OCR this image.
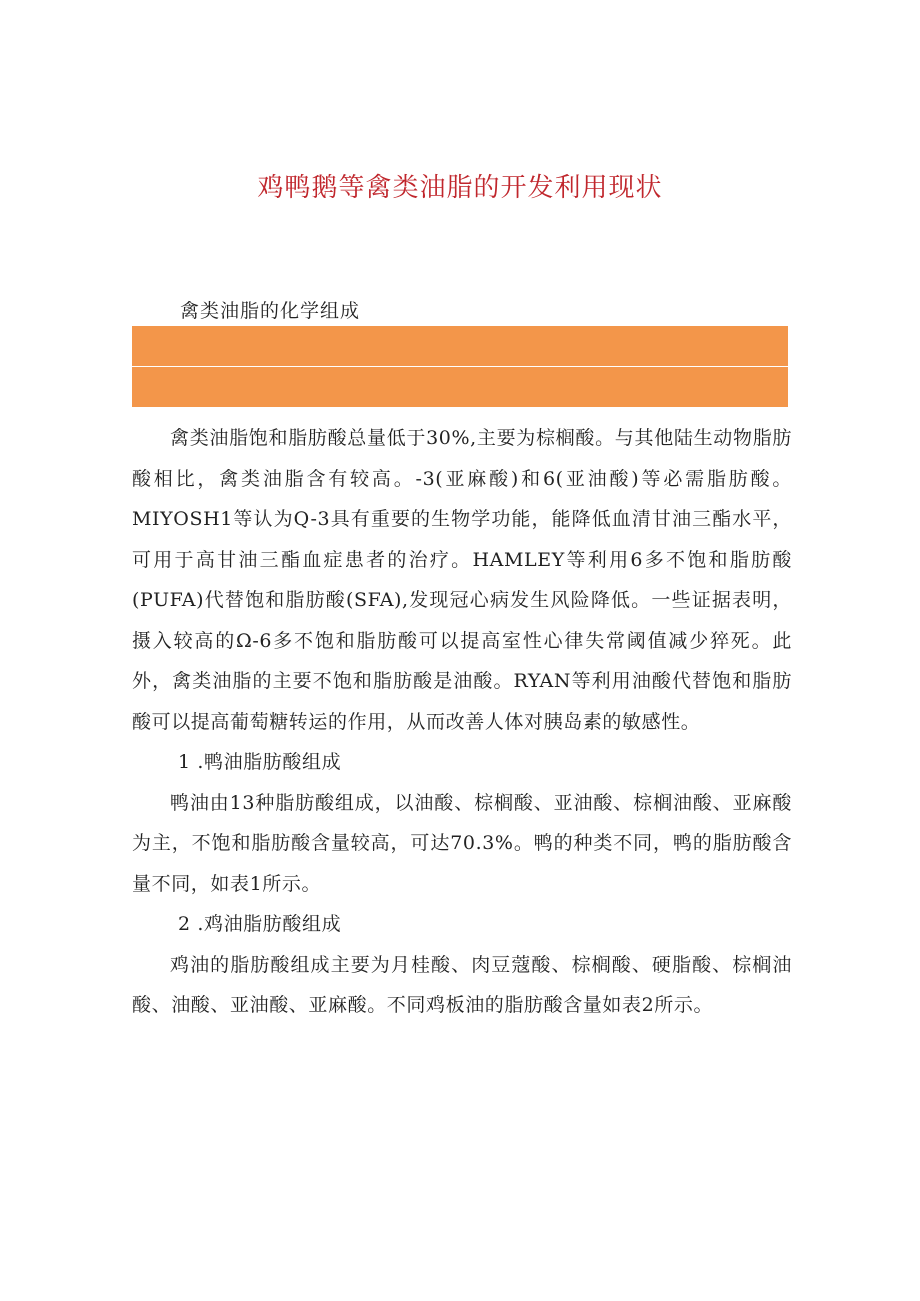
鸡鸭鹅等禽类油脂的开发利用现状
禽类油脂的化学组成

禽类油脂饱和脂肪酸总量低于30%,主要为棕榈酸。与其他陆生动物脂肪酸相比，禽类油脂含有较高。-3(亚麻酸)和6(亚油酸)等必需脂肪酸。MIYOSH1等认为Q-3具有重要的生物学功能，能降低血清甘油三酯水平，可用于高甘油三酯血症患者的治疗。HAMLEY等利用6多不饱和脂肪酸(PUFA)代替饱和脂肪酸(SFA),发现冠心病发生风险降低。一些证据表明，摄入较高的Ω-6多不饱和脂肪酸可以提高室性心律失常阈值减少猝死。此外，禽类油脂的主要不饱和脂肪酸是油酸。RYAN等利用油酸代替饱和脂肪酸可以提高葡萄糖转运的作用，从而改善人体对胰岛素的敏感性。

1 .鸭油脂肪酸组成

鸭油由13种脂肪酸组成，以油酸、棕榈酸、亚油酸、棕榈油酸、亚麻酸为主，不饱和脂肪酸含量较高，可达70.3%。鸭的种类不同，鸭的脂肪酸含量不同，如表1所示。

2 .鸡油脂肪酸组成

鸡油的脂肪酸组成主要为月桂酸、肉豆蔻酸、棕榈酸、硬脂酸、棕榈油酸、油酸、亚油酸、亚麻酸。不同鸡板油的脂肪酸含量如表2所示。
